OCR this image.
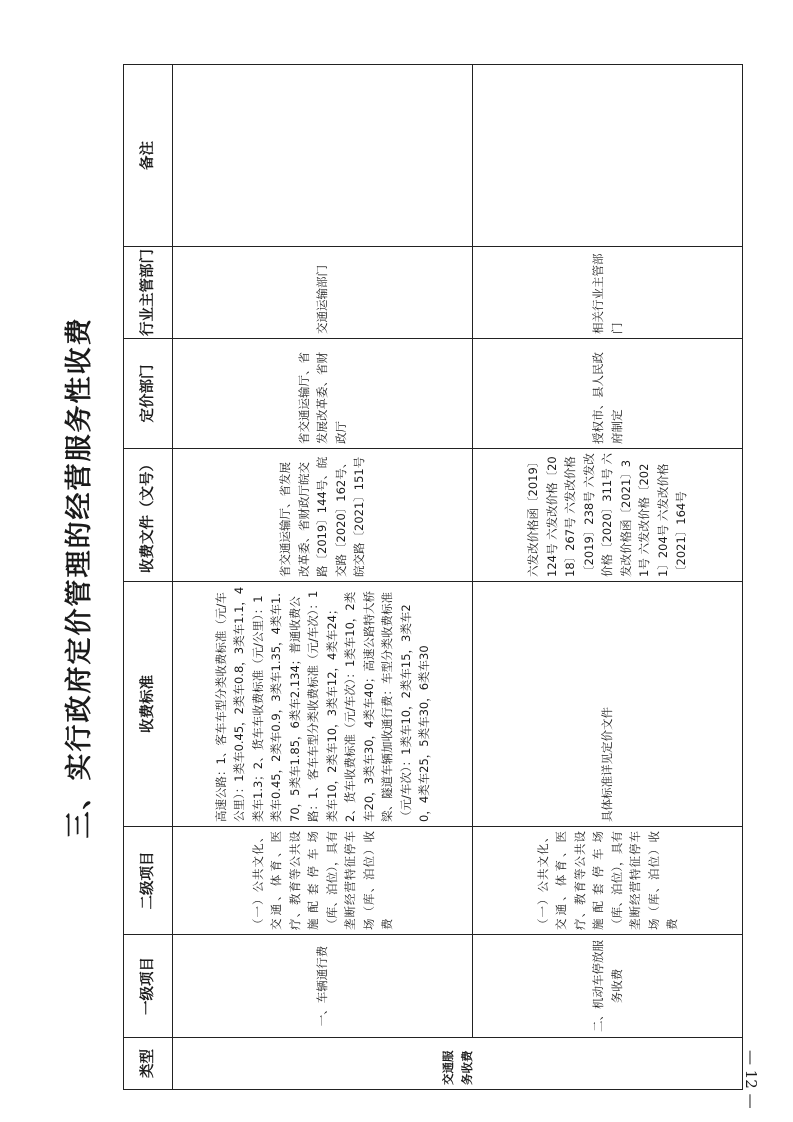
— 12 —
三、实行政府定价管理的经营服务性收费
类型	一级项目	二级项目	收费标准	收费文件（文号）	定价部门	行业主管部门	备注
交通服务收费	一、车辆通行费	（一）公共文化、交通、体育、医疗、教育等公共设施配套停车场（库、泊位），具有垄断经营特征停车场（库、泊位）收费	高速公路：1、客车车型分类收费标准（元/车公里）：1类车0.45，2类车0.8，3类车1.1，4类车1.3；2、货车车收费标准（元/公里）：1类车0.45，2类车0.9，3类车1.35，4类车1.70，5类车1.85，6类车2.134；普通收费公路：1、客车车型分类收费标准（元/车次）：1类车10，2类车10，3类车12，4类车24；2、货车收费标准（元/车次）：1类车10，2类车20，3类车30，4类车40；高速公路特大桥梁、隧道车辆加收通行费：车型分类收费标准（元/车次）：1类车10，2类车15，3类车20，4类车25，5类车30，6类车30	省交通运输厅、省发展改革委、省财政厅皖交路〔2019〕144号、皖交路〔2020〕162号、皖交路〔2021〕151号	省交通运输厅、省发展改革委、省财政厅	交通运输部门	
	二、机动车停放服务收费	（一）公共文化、交通、体育、医疗、教育等公共设施配套停车场（库、泊位），具有垄断经营特征停车场（库、泊位）收费	具体标准详见定价文件	六发改价格函〔2019〕124号 六发改价格〔2018〕267号 六发改价格〔2019〕238号 六发改价格〔2020〕311号 六发改价格函〔2021〕31号 六发改价格〔2021〕204号 六发改价格〔2021〕164号	授权市、县人民政府制定	相关行业主管部门	
